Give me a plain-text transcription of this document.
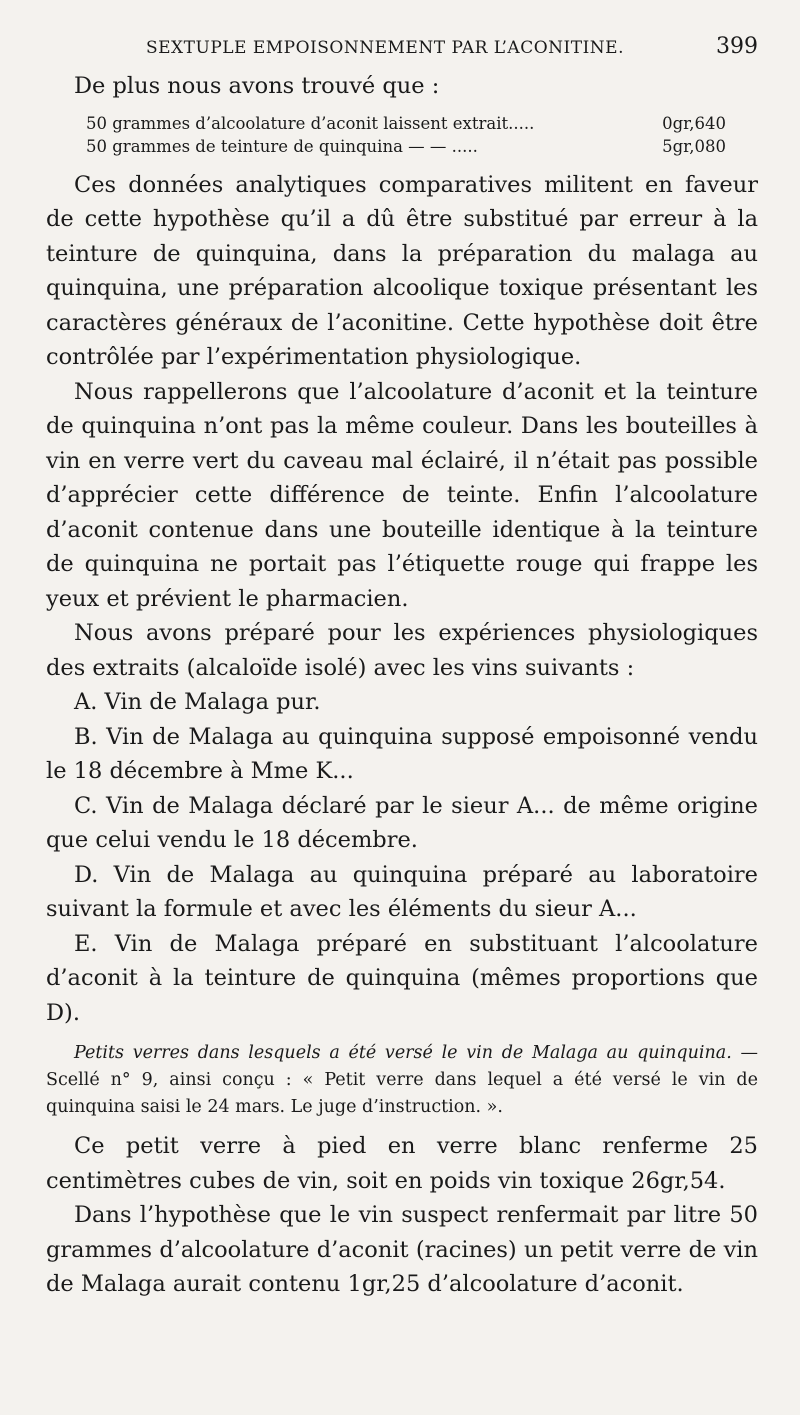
SEXTUPLE EMPOISONNEMENT PAR L’ACONITINE.	399

De plus nous avons trouvé que :

50 grammes d’alcoolature d’aconit laissent extrait.....	0gr,640
50 grammes de teinture de quinquina — — .....	5gr,080

Ces données analytiques comparatives militent en faveur de cette hypothèse qu’il a dû être substitué par erreur à la teinture de quinquina, dans la préparation du malaga au quinquina, une préparation alcoolique toxique présentant les caractères généraux de l’aconitine. Cette hypothèse doit être contrôlée par l’expérimentation physiologique.

Nous rappellerons que l’alcoolature d’aconit et la teinture de quinquina n’ont pas la même couleur. Dans les bouteilles à vin en verre vert du caveau mal éclairé, il n’était pas possible d’apprécier cette différence de teinte. Enfin l’alcoolature d’aconit contenue dans une bouteille identique à la teinture de quinquina ne portait pas l’étiquette rouge qui frappe les yeux et prévient le pharmacien.

Nous avons préparé pour les expériences physiologiques des extraits (alcaloïde isolé) avec les vins suivants :

A. Vin de Malaga pur.

B. Vin de Malaga au quinquina supposé empoisonné vendu le 18 décembre à Mme K...

C. Vin de Malaga déclaré par le sieur A... de même origine que celui vendu le 18 décembre.

D. Vin de Malaga au quinquina préparé au laboratoire suivant la formule et avec les éléments du sieur A...

E. Vin de Malaga préparé en substituant l’alcoolature d’aconit à la teinture de quinquina (mêmes proportions que D).

Petits verres dans lesquels a été versé le vin de Malaga au quinquina. — Scellé n° 9, ainsi conçu : « Petit verre dans lequel a été versé le vin de quinquina saisi le 24 mars. Le juge d’instruction. ».

Ce petit verre à pied en verre blanc renferme 25 centimètres cubes de vin, soit en poids vin toxique 26gr,54.

Dans l’hypothèse que le vin suspect renfermait par litre 50 grammes d’alcoolature d’aconit (racines) un petit verre de vin de Malaga aurait contenu 1gr,25 d’alcoolature d’aconit.
